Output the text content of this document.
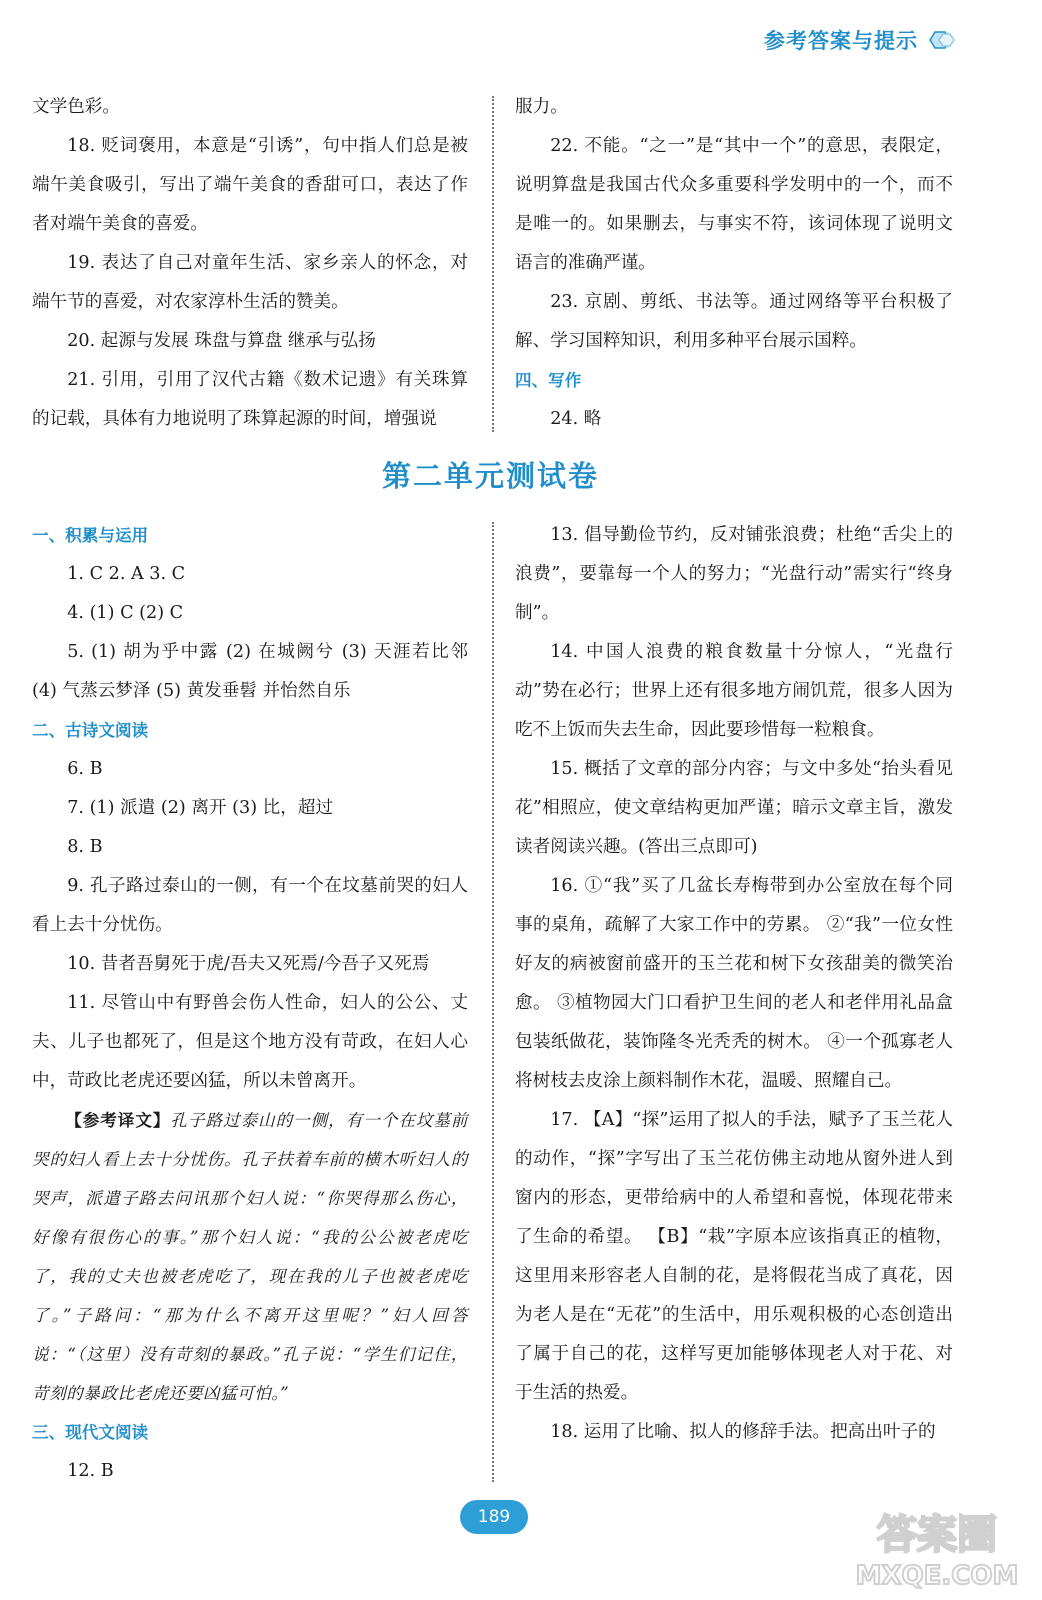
参考答案与提示

文学色彩。

18. 贬词褒用，本意是“引诱”，句中指人们总是被端午美食吸引，写出了端午美食的香甜可口，表达了作者对端午美食的喜爱。

19. 表达了自己对童年生活、家乡亲人的怀念，对端午节的喜爱，对农家淳朴生活的赞美。

20. 起源与发展 珠盘与算盘 继承与弘扬

21. 引用，引用了汉代古籍《数术记遗》有关珠算的记载，具体有力地说明了珠算起源的时间，增强说

服力。

22. 不能。“之一”是“其中一个”的意思，表限定，说明算盘是我国古代众多重要科学发明中的一个，而不是唯一的。如果删去，与事实不符，该词体现了说明文语言的准确严谨。

23. 京剧、剪纸、书法等。通过网络等平台积极了解、学习国粹知识，利用多种平台展示国粹。

四、写作

24. 略

第二单元测试卷

一、积累与运用

1. C 2. A 3. C

4. (1) C (2) C

5. (1) 胡为乎中露 (2) 在城阙兮 (3) 天涯若比邻 (4) 气蒸云梦泽 (5) 黄发垂髫 并怡然自乐

二、古诗文阅读

6. B

7. (1) 派遣 (2) 离开 (3) 比，超过

8. B

9. 孔子路过泰山的一侧，有一个在坟墓前哭的妇人看上去十分忧伤。

10. 昔者吾舅死于虎/吾夫又死焉/今吾子又死焉

11. 尽管山中有野兽会伤人性命，妇人的公公、丈夫、儿子也都死了，但是这个地方没有苛政，在妇人心中，苛政比老虎还要凶猛，所以未曾离开。

【参考译文】孔子路过泰山的一侧，有一个在坟墓前哭的妇人看上去十分忧伤。孔子扶着车前的横木听妇人的哭声，派遣子路去问讯那个妇人说：“你哭得那么伤心，好像有很伤心的事。”那个妇人说：“我的公公被老虎吃了，我的丈夫也被老虎吃了，现在我的儿子也被老虎吃了。”子路问：“那为什么不离开这里呢？”妇人回答说：“（这里）没有苛刻的暴政。”孔子说：“学生们记住，苛刻的暴政比老虎还要凶猛可怕。”

三、现代文阅读

12. B

13. 倡导勤俭节约，反对铺张浪费；杜绝“舌尖上的浪费”，要靠每一个人的努力；“光盘行动”需实行“终身制”。

14. 中国人浪费的粮食数量十分惊人，“光盘行动”势在必行；世界上还有很多地方闹饥荒，很多人因为吃不上饭而失去生命，因此要珍惜每一粒粮食。

15. 概括了文章的部分内容；与文中多处“抬头看见花”相照应，使文章结构更加严谨；暗示文章主旨，激发读者阅读兴趣。(答出三点即可)

16. ①“我”买了几盆长寿梅带到办公室放在每个同事的桌角，疏解了大家工作中的劳累。 ②“我”一位女性好友的病被窗前盛开的玉兰花和树下女孩甜美的微笑治愈。 ③植物园大门口看护卫生间的老人和老伴用礼品盒包装纸做花，装饰隆冬光秃秃的树木。 ④一个孤寡老人将树枝去皮涂上颜料制作木花，温暖、照耀自己。

17. 【A】“探”运用了拟人的手法，赋予了玉兰花人的动作，“探”字写出了玉兰花仿佛主动地从窗外进人到窗内的形态，更带给病中的人希望和喜悦，体现花带来了生命的希望。 【B】“栽”字原本应该指真正的植物，这里用来形容老人自制的花，是将假花当成了真花，因为老人是在“无花”的生活中，用乐观积极的心态创造出了属于自己的花，这样写更加能够体现老人对于花、对于生活的热爱。

18. 运用了比喻、拟人的修辞手法。把高出叶子的

189	答案圈
MXQE.COM
